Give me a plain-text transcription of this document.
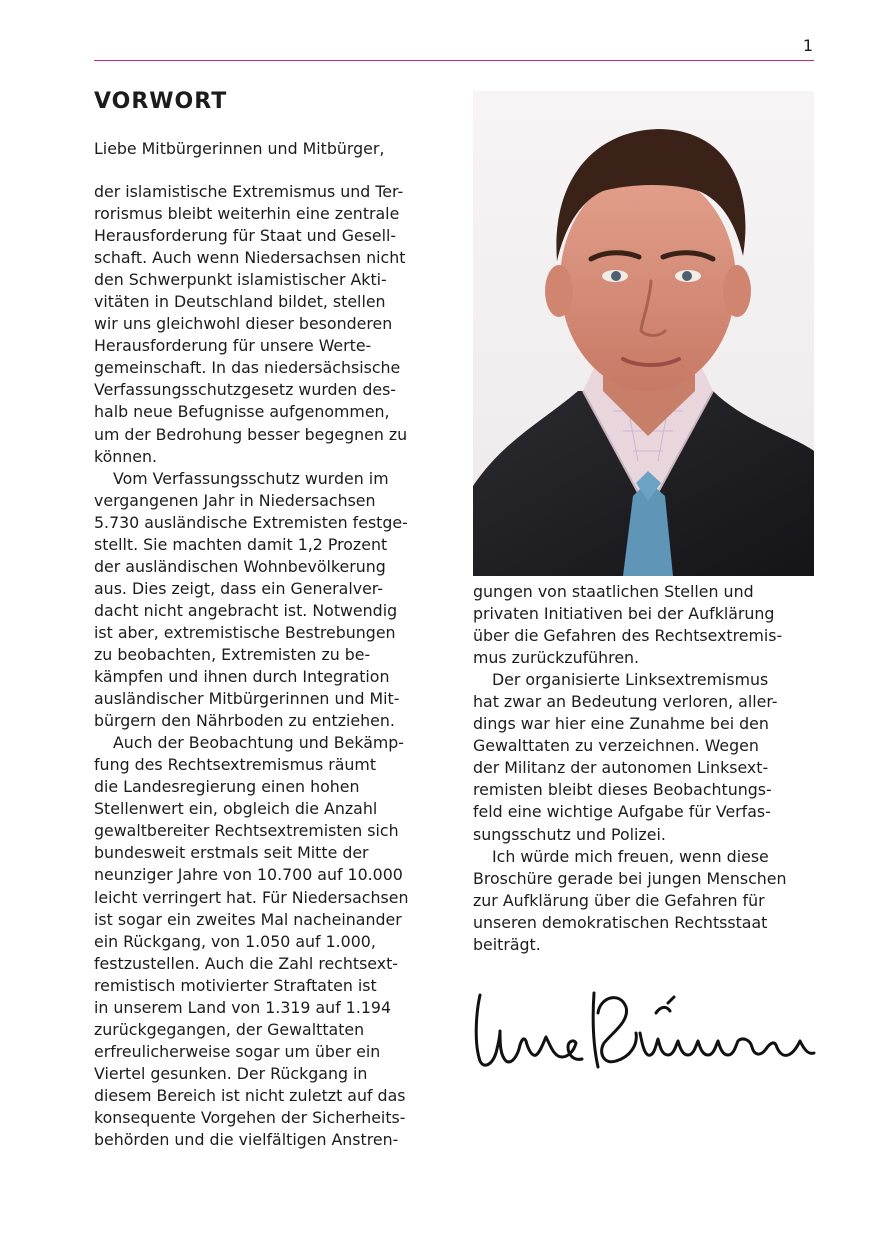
1
VORWORT
Liebe Mitbürgerinnen und Mitbürger,
der islamistische Extremismus und Ter-
rorismus bleibt weiterhin eine zentrale
Herausforderung für Staat und Gesell-
schaft. Auch wenn Niedersachsen nicht
den Schwerpunkt islamistischer Akti-
vitäten in Deutschland bildet, stellen
wir uns gleichwohl dieser besonderen
Herausforderung für unsere Werte-
gemeinschaft. In das niedersächsische
Verfassungsschutzgesetz wurden des-
halb neue Befugnisse aufgenommen,
um der Bedrohung besser begegnen zu
können.
Vom Verfassungsschutz wurden im
vergangenen Jahr in Niedersachsen
5.730 ausländische Extremisten festge-
stellt. Sie machten damit 1,2 Prozent
der ausländischen Wohnbevölkerung
aus. Dies zeigt, dass ein Generalver-
dacht nicht angebracht ist. Notwendig
ist aber, extremistische Bestrebungen
zu beobachten, Extremisten zu be-
kämpfen und ihnen durch Integration
ausländischer Mitbürgerinnen und Mit-
bürgern den Nährboden zu entziehen.
Auch der Beobachtung und Bekämp-
fung des Rechtsextremismus räumt
die Landesregierung einen hohen
Stellenwert ein, obgleich die Anzahl
gewaltbereiter Rechtsextremisten sich
bundesweit erstmals seit Mitte der
neunziger Jahre von 10.700 auf 10.000
leicht verringert hat. Für Niedersachsen
ist sogar ein zweites Mal nacheinander
ein Rückgang, von 1.050 auf 1.000,
festzustellen. Auch die Zahl rechtsext-
remistisch motivierter Straftaten ist
in unserem Land von 1.319 auf 1.194
zurückgegangen, der Gewalttaten
erfreulicherweise sogar um über ein
Viertel gesunken. Der Rückgang in
diesem Bereich ist nicht zuletzt auf das
konsequente Vorgehen der Sicherheits-
behörden und die vielfältigen Anstren-
gungen von staatlichen Stellen und
privaten Initiativen bei der Aufklärung
über die Gefahren des Rechtsextremis-
mus zurückzuführen.
Der organisierte Linksextremismus
hat zwar an Bedeutung verloren, aller-
dings war hier eine Zunahme bei den
Gewalttaten zu verzeichnen. Wegen
der Militanz der autonomen Linksext-
remisten bleibt dieses Beobachtungs-
feld eine wichtige Aufgabe für Verfas-
sungsschutz und Polizei.
Ich würde mich freuen, wenn diese
Broschüre gerade bei jungen Menschen
zur Aufklärung über die Gefahren für
unseren demokratischen Rechtsstaat
beiträgt.
